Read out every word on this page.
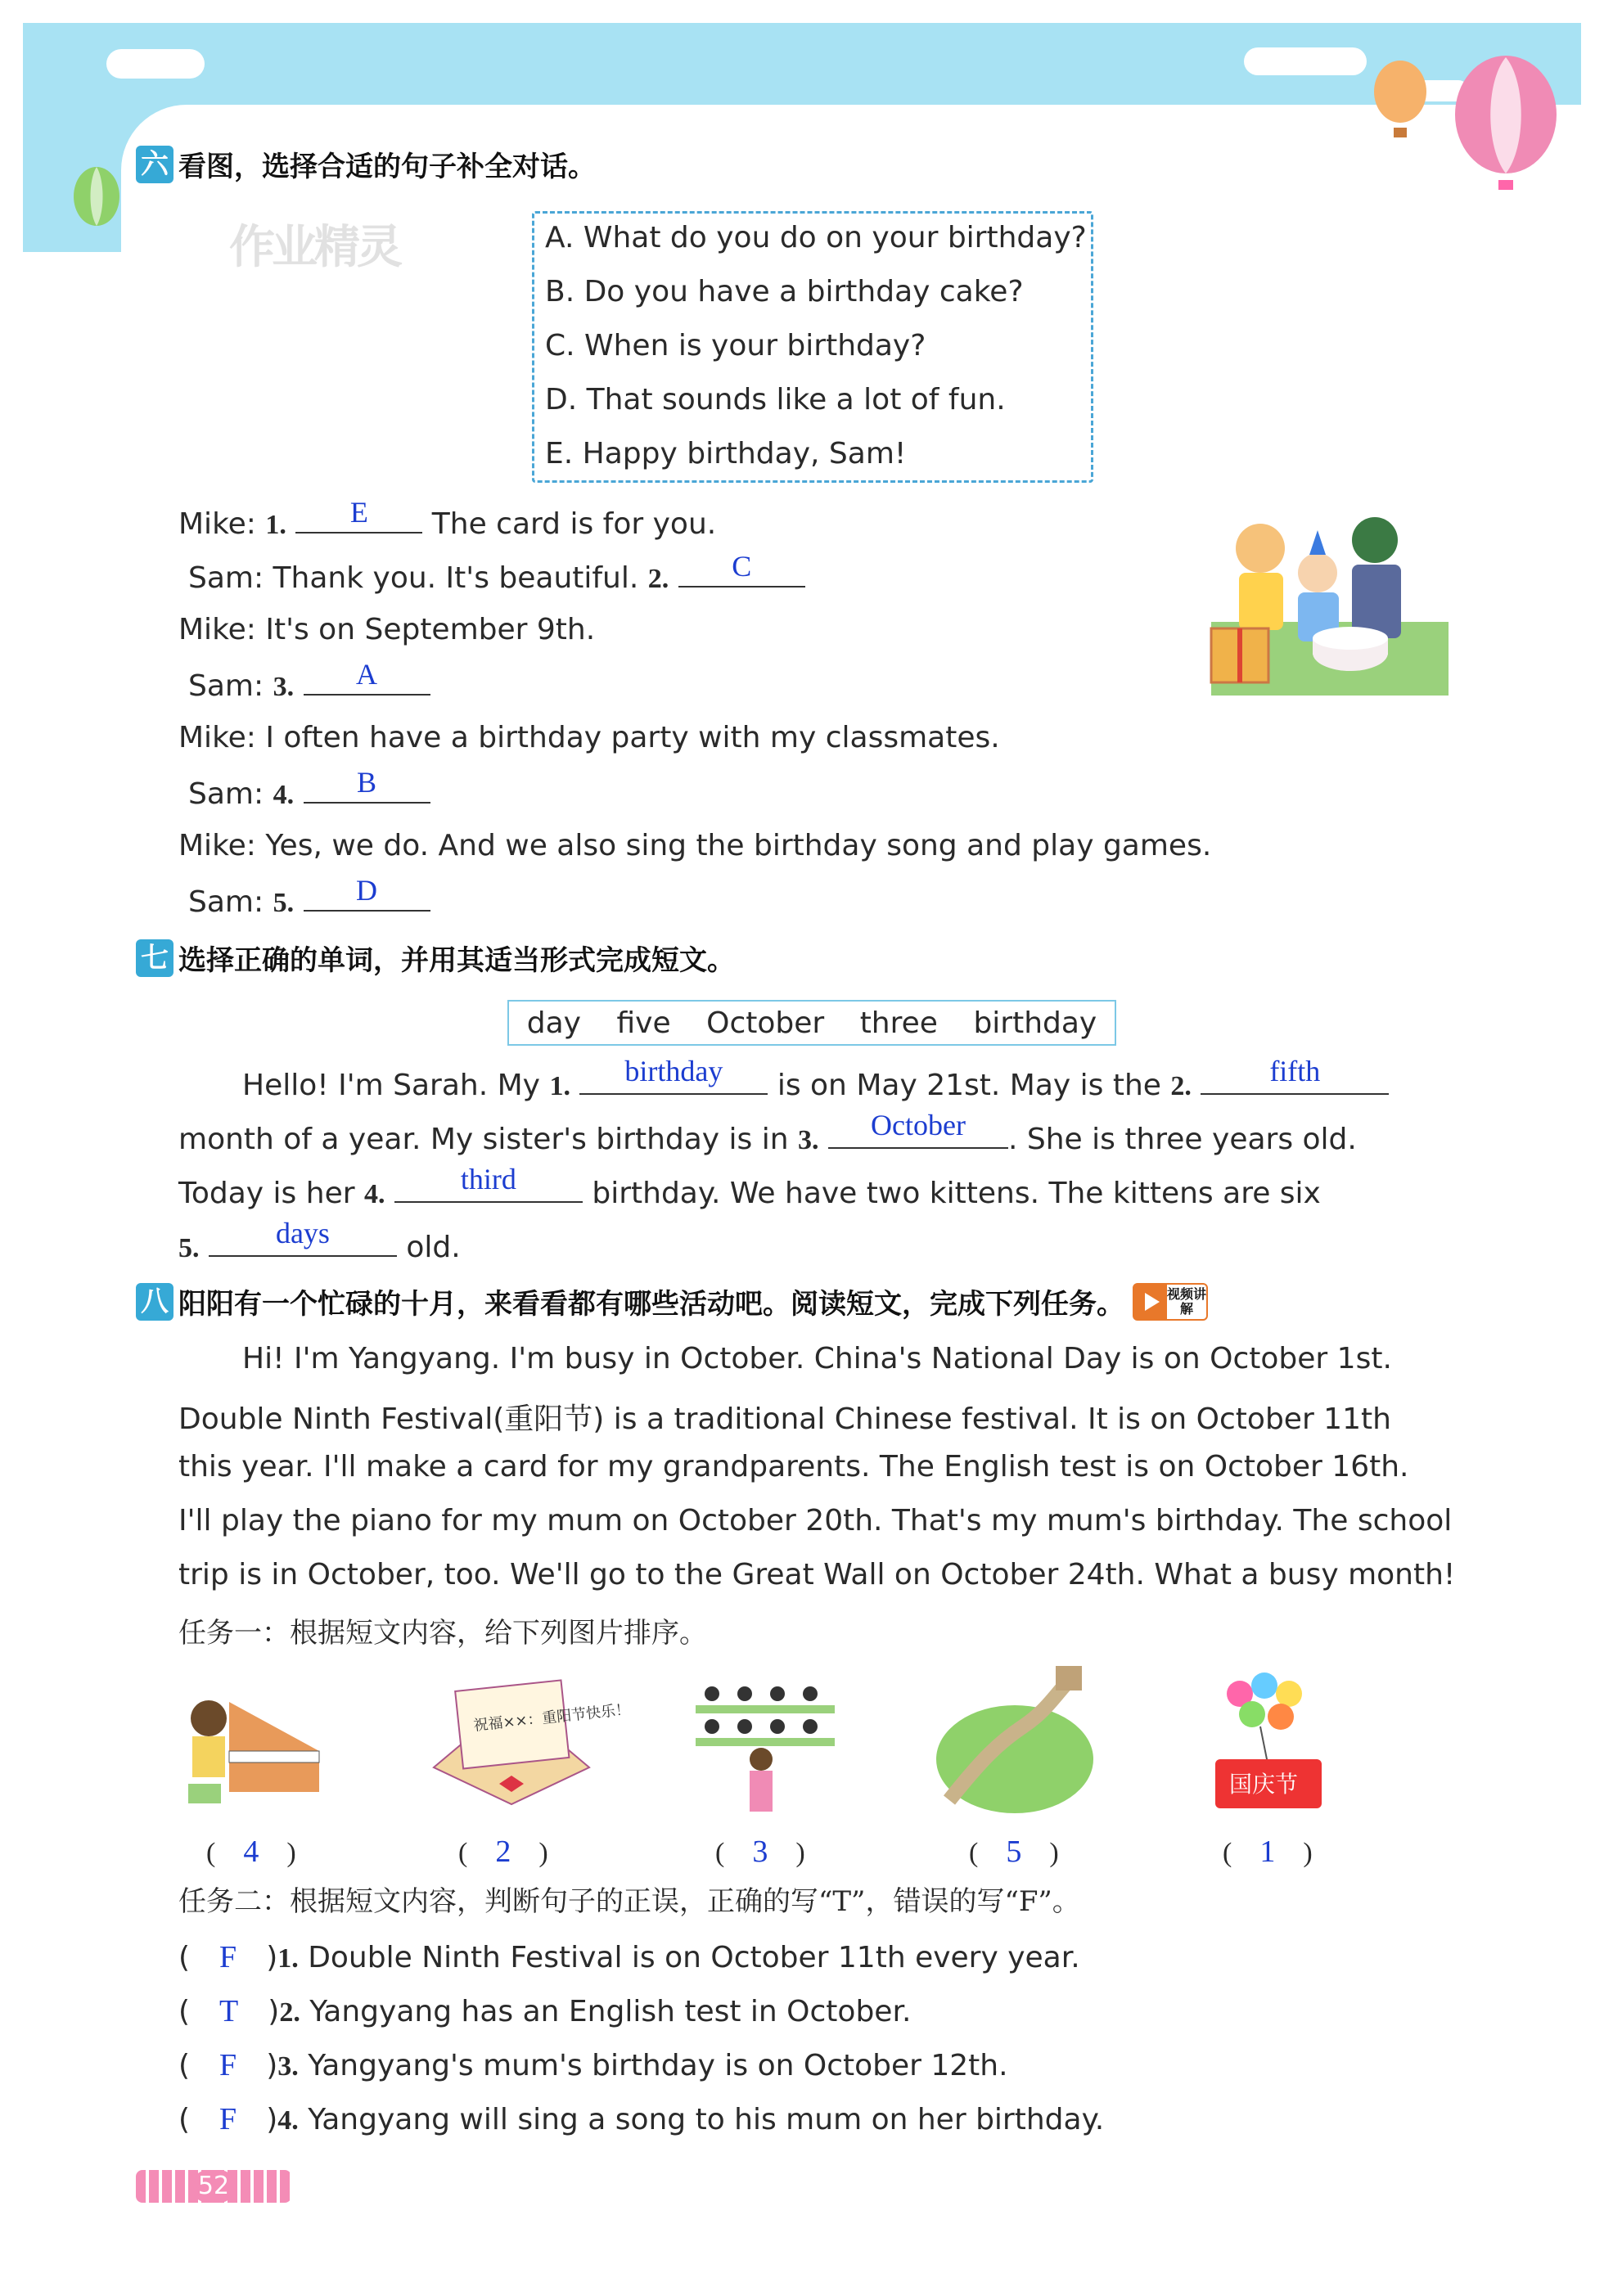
六 看图，选择合适的句子补全对话。
作业精灵	A. What do you do on your birthday?
B. Do you have a birthday cake?
C. When is your birthday?
D. That sounds like a lot of fun.
E. Happy birthday, Sam!
Mike: 1.	E	The card is for you.
Sam: Thank you. It's beautiful. 2.	C
Mike: It's on September 9th.
Sam: 3.	A
Mike: I often have a birthday party with my classmates.
Sam: 4.	B
Mike: Yes, we do. And we also sing the birthday song and play games.
Sam: 5.	D
七 选择正确的单词，并用其适当形式完成短文。
day five October three birthday
Hello! I'm Sarah. My 1.	birthday	is on May 21st. May is the 2.	fifth
month of a year. My sister's birthday is in 3.	October	. She is three years old.
Today is her 4.	third	birthday. We have two kittens. The kittens are six
5.	days	old.
八 阳阳有一个忙碌的十月，来看看都有哪些活动吧。阅读短文，完成下列任务。	视频讲解
Hi! I'm Yangyang. I'm busy in October. China's National Day is on October 1st.
Double Ninth Festival(重阳节) is a traditional Chinese festival. It is on October 11th
this year. I'll make a card for my grandparents. The English test is on October 16th.
I'll play the piano for my mum on October 20th. That's my mum's birthday. The school
trip is in October, too. We'll go to the Great Wall on October 24th. What a busy month!
任务一：根据短文内容，给下列图片排序。
祝福××：重阳节快乐！
国庆节
(　4　)	(　2　)	(　3　)	(　5　)	(　1　)
任务二：根据短文内容，判断句子的正误，正确的写“T”，错误的写“F”。
(　F　)1. Double Ninth Festival is on October 11th every year.
(　T　)2. Yangyang has an English test in October.
(　F　)3. Yangyang's mum's birthday is on October 12th.
(　F　)4. Yangyang will sing a song to his mum on her birthday.
52
